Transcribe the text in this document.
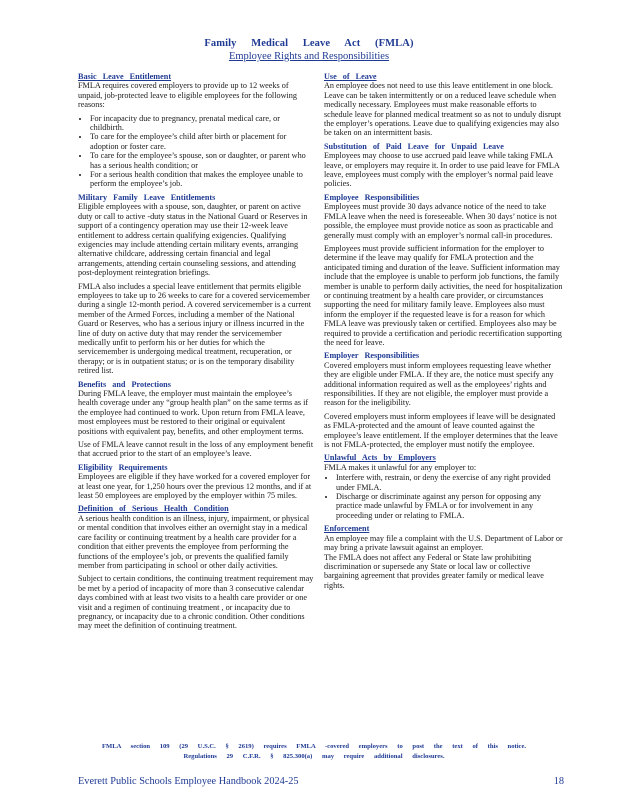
Family Medical Leave Act (FMLA)
Employee Rights and Responsibilities

Basic Leave Entitlement

FMLA requires covered employers to provide up to 12 weeks of unpaid, job-protected leave to eligible employees for the following reasons:

• For incapacity due to pregnancy, prenatal medical care, or childbirth.
• To care for the employee’s child after birth or placement for adoption or foster care.
• To care for the employee’s spouse, son or daughter, or parent who has a serious health condition; or
• For a serious health condition that makes the employee unable to perform the employee’s job.

Military Family Leave Entitlements

Eligible employees with a spouse, son, daughter, or parent on active duty or call to active -duty status in the National Guard or Reserves in support of a contingency operation may use their 12-week leave entitlement to address certain qualifying exigencies. Qualifying exigencies may include attending certain military events, arranging alternative childcare, addressing certain financial and legal arrangements, attending certain counseling sessions, and attending post-deployment reintegration briefings.

FMLA also includes a special leave entitlement that permits eligible employees to take up to 26 weeks to care for a covered servicemember during a single 12-month period. A covered servicemember is a current member of the Armed Forces, including a member of the National Guard or Reserves, who has a serious injury or illness incurred in the line of duty on active duty that may render the servicemember medically unfit to perform his or her duties for which the servicemember is undergoing medical treatment, recuperation, or therapy; or is in outpatient status; or is on the temporary disability retired list.

Benefits and Protections

During FMLA leave, the employer must maintain the employee’s health coverage under any “group health plan” on the same terms as if the employee had continued to work. Upon return from FMLA leave, most employees must be restored to their original or equivalent positions with equivalent pay, benefits, and other employment terms.

Use of FMLA leave cannot result in the loss of any employment benefit that accrued prior to the start of an employee’s leave.

Eligibility Requirements

Employees are eligible if they have worked for a covered employer for at least one year, for 1,250 hours over the previous 12 months, and if at least 50 employees are employed by the employer within 75 miles.

Definition of Serious Health Condition

A serious health condition is an illness, injury, impairment, or physical or mental condition that involves either an overnight stay in a medical care facility or continuing treatment by a health care provider for a condition that either prevents the employee from performing the functions of the employee’s job, or prevents the qualified family member from participating in school or other daily activities.

Subject to certain conditions, the continuing treatment requirement may be met by a period of incapacity of more than 3 consecutive calendar days combined with at least two visits to a health care provider or one visit and a regimen of continuing treatment , or incapacity due to pregnancy, or incapacity due to a chronic condition. Other conditions may meet the definition of continuing treatment.

Use of Leave

An employee does not need to use this leave entitlement in one block. Leave can be taken intermittently or on a reduced leave schedule when medically necessary. Employees must make reasonable efforts to schedule leave for planned medical treatment so as not to unduly disrupt the employer’s operations. Leave due to qualifying exigencies may also be taken on an intermittent basis.

Substitution of Paid Leave for Unpaid Leave

Employees may choose to use accrued paid leave while taking FMLA leave, or employers may require it. In order to use paid leave for FMLA leave, employees must comply with the employer’s normal paid leave policies.

Employee Responsibilities

Employees must provide 30 days advance notice of the need to take FMLA leave when the need is foreseeable. When 30 days’ notice is not possible, the employee must provide notice as soon as practicable and generally must comply with an employer’s normal call-in procedures.

Employees must provide sufficient information for the employer to determine if the leave may qualify for FMLA protection and the anticipated timing and duration of the leave. Sufficient information may include that the employee is unable to perform job functions, the family member is unable to perform daily activities, the need for hospitalization or continuing treatment by a health care provider, or circumstances supporting the need for military family leave. Employees also must inform the employer if the requested leave is for a reason for which FMLA leave was previously taken or certified. Employees also may be required to provide a certification and periodic recertification supporting the need for leave.

Employer Responsibilities

Covered employers must inform employees requesting leave whether they are eligible under FMLA. If they are, the notice must specify any additional information required as well as the employees’ rights and responsibilities. If they are not eligible, the employer must provide a reason for the ineligibility.

Covered employers must inform employees if leave will be designated as FMLA-protected and the amount of leave counted against the employee’s leave entitlement. If the employer determines that the leave is not FMLA-protected, the employer must notify the employee.

Unlawful Acts by Employers

FMLA makes it unlawful for any employer to:

• Interfere with, restrain, or deny the exercise of any right provided under FMLA.
• Discharge or discriminate against any person for opposing any practice made unlawful by FMLA or for involvement in any proceeding under or relating to FMLA.

Enforcement

An employee may file a complaint with the U.S. Department of Labor or may bring a private lawsuit against an employer.

The FMLA does not affect any Federal or State law prohibiting discrimination or supersede any State or local law or collective bargaining agreement that provides greater family or medical leave rights.

FMLA section 109 (29 U.S.C. § 2619) requires FMLA -covered employers to post the text of this notice.
Regulations 29 C.F.R. § 825.300(a) may require additional disclosures.
Everett Public Schools Employee Handbook 2024-25	18
